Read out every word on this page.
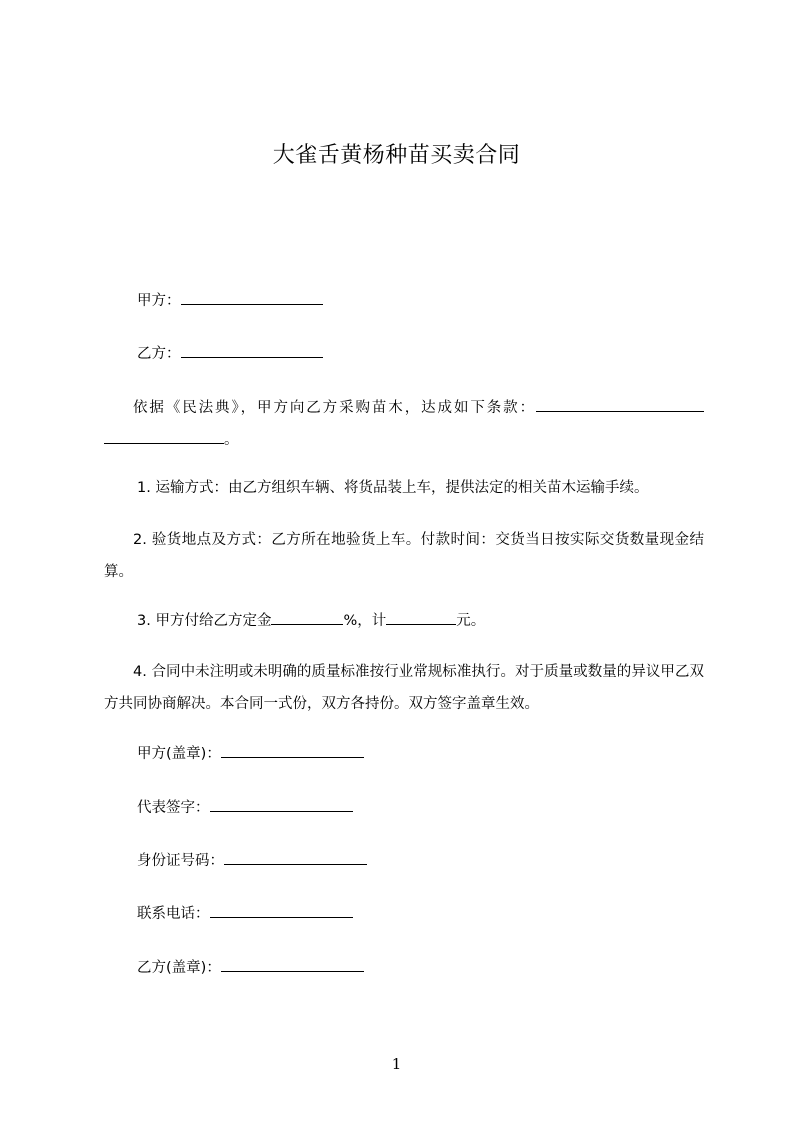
大雀舌黄杨种苗买卖合同
甲方：
乙方：
依据《民法典》，甲方向乙方采购苗木，达成如下条款：。
1. 运输方式：由乙方组织车辆、将货品装上车，提供法定的相关苗木运输手续。
2. 验货地点及方式：乙方所在地验货上车。付款时间：交货当日按实际交货数量现金结算。
3. 甲方付给乙方定金	%，计	元。
4. 合同中未注明或未明确的质量标准按行业常规标准执行。对于质量或数量的异议甲乙双方共同协商解决。本合同一式份，双方各持份。双方签字盖章生效。
甲方(盖章)：
代表签字：
身份证号码：
联系电话：
乙方(盖章)：
1
